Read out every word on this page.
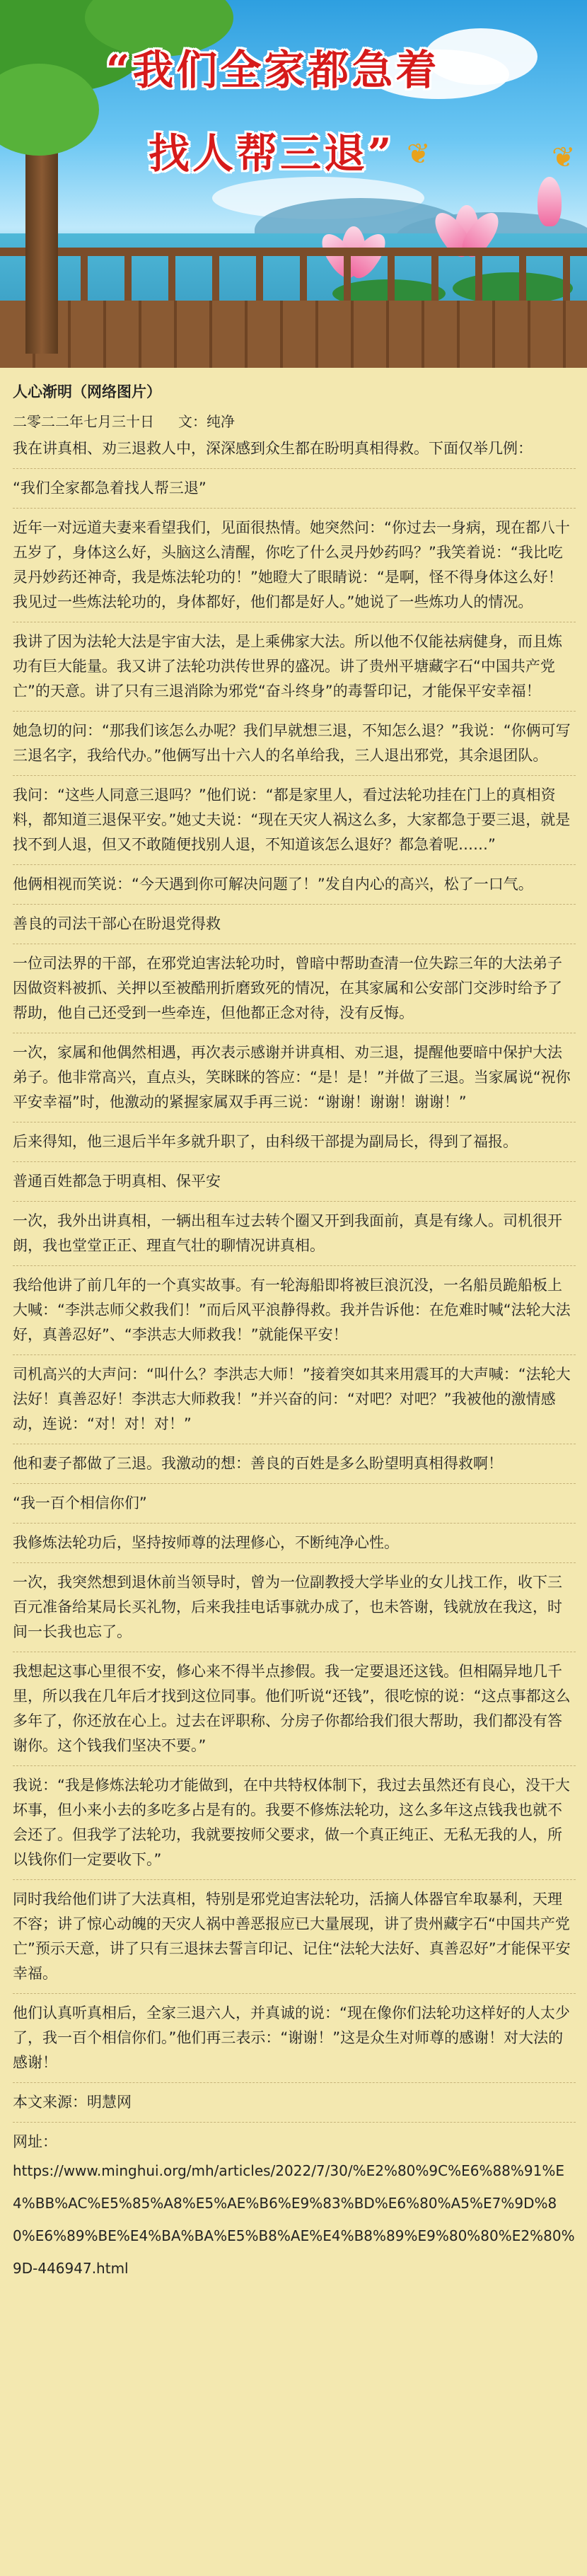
❦	❦
“我们全家都急着
找人帮三退”
人心渐明（网络图片）
二零二二年七月三十日 文：纯净

我在讲真相、劝三退救人中，深深感到众生都在盼明真相得救。下面仅举几例：

“我们全家都急着找人帮三退”

近年一对远道夫妻来看望我们，见面很热情。她突然问：“你过去一身病，现在都八十五岁了，身体这么好，头脑这么清醒，你吃了什么灵丹妙药吗？”我笑着说：“我比吃灵丹妙药还神奇，我是炼法轮功的！”她瞪大了眼睛说：“是啊，怪不得身体这么好！我见过一些炼法轮功的，身体都好，他们都是好人。”她说了一些炼功人的情况。

我讲了因为法轮大法是宇宙大法，是上乘佛家大法。所以他不仅能祛病健身，而且炼功有巨大能量。我又讲了法轮功洪传世界的盛况。讲了贵州平塘藏字石“中国共产党亡”的天意。讲了只有三退消除为邪党“奋斗终身”的毒誓印记，才能保平安幸福！

她急切的问：“那我们该怎么办呢？我们早就想三退，不知怎么退？”我说：“你俩可写三退名字，我给代办。”他俩写出十六人的名单给我，三人退出邪党，其余退团队。

我问：“这些人同意三退吗？”他们说：“都是家里人，看过法轮功挂在门上的真相资料，都知道三退保平安。”她丈夫说：“现在天灾人祸这么多，大家都急于要三退，就是找不到人退，但又不敢随便找别人退，不知道该怎么退好？都急着呢……”

他俩相视而笑说：“今天遇到你可解决问题了！”发自内心的高兴，松了一口气。

善良的司法干部心在盼退党得救

一位司法界的干部，在邪党迫害法轮功时，曾暗中帮助查清一位失踪三年的大法弟子因做资料被抓、关押以至被酷刑折磨致死的情况，在其家属和公安部门交涉时给予了帮助，他自己还受到一些牵连，但他都正念对待，没有反悔。

一次，家属和他偶然相遇，再次表示感谢并讲真相、劝三退，提醒他要暗中保护大法弟子。他非常高兴，直点头，笑眯眯的答应：“是！是！”并做了三退。当家属说“祝你平安幸福”时，他激动的紧握家属双手再三说：“谢谢！谢谢！谢谢！”

后来得知，他三退后半年多就升职了，由科级干部提为副局长，得到了福报。

普通百姓都急于明真相、保平安

一次，我外出讲真相，一辆出租车过去转个圈又开到我面前，真是有缘人。司机很开朗，我也堂堂正正、理直气壮的聊情况讲真相。

我给他讲了前几年的一个真实故事。有一轮海船即将被巨浪沉没，一名船员跪船板上大喊：“李洪志师父救我们！”而后风平浪静得救。我并告诉他：在危难时喊“法轮大法好，真善忍好”、“李洪志大师救我！”就能保平安！

司机高兴的大声问：“叫什么？李洪志大师！”接着突如其来用震耳的大声喊：“法轮大法好！真善忍好！李洪志大师救我！”并兴奋的问：“对吧？对吧？”我被他的激情感动，连说：“对！对！对！”

他和妻子都做了三退。我激动的想：善良的百姓是多么盼望明真相得救啊！

“我一百个相信你们”

我修炼法轮功后，坚持按师尊的法理修心，不断纯净心性。

一次，我突然想到退休前当领导时，曾为一位副教授大学毕业的女儿找工作，收下三百元准备给某局长买礼物，后来我挂电话事就办成了，也未答谢，钱就放在我这，时间一长我也忘了。

我想起这事心里很不安，修心来不得半点掺假。我一定要退还这钱。但相隔异地几千里，所以我在几年后才找到这位同事。他们听说“还钱”，很吃惊的说：“这点事都这么多年了，你还放在心上。过去在评职称、分房子你都给我们很大帮助，我们都没有答谢你。这个钱我们坚决不要。”

我说：“我是修炼法轮功才能做到，在中共特权体制下，我过去虽然还有良心，没干大坏事，但小来小去的多吃多占是有的。我要不修炼法轮功，这么多年这点钱我也就不会还了。但我学了法轮功，我就要按师父要求，做一个真正纯正、无私无我的人，所以钱你们一定要收下。”

同时我给他们讲了大法真相，特别是邪党迫害法轮功，活摘人体器官牟取暴利，天理不容；讲了惊心动魄的天灾人祸中善恶报应已大量展现，讲了贵州藏字石“中国共产党亡”预示天意，讲了只有三退抹去誓言印记、记住“法轮大法好、真善忍好”才能保平安幸福。

他们认真听真相后，全家三退六人，并真诚的说：“现在像你们法轮功这样好的人太少了，我一百个相信你们。”他们再三表示：“谢谢！”这是众生对师尊的感谢！对大法的感谢！

本文来源：明慧网

网址：

https://www.minghui.org/mh/articles/2022/7/30/%E2%80%9C%E6%88%91%E4%BB%AC%E5%85%A8%E5%AE%B6%E9%83%BD%E6%80%A5%E7%9D%80%E6%89%BE%E4%BA%BA%E5%B8%AE%E4%B8%89%E9%80%80%E2%80%9D-446947.html
